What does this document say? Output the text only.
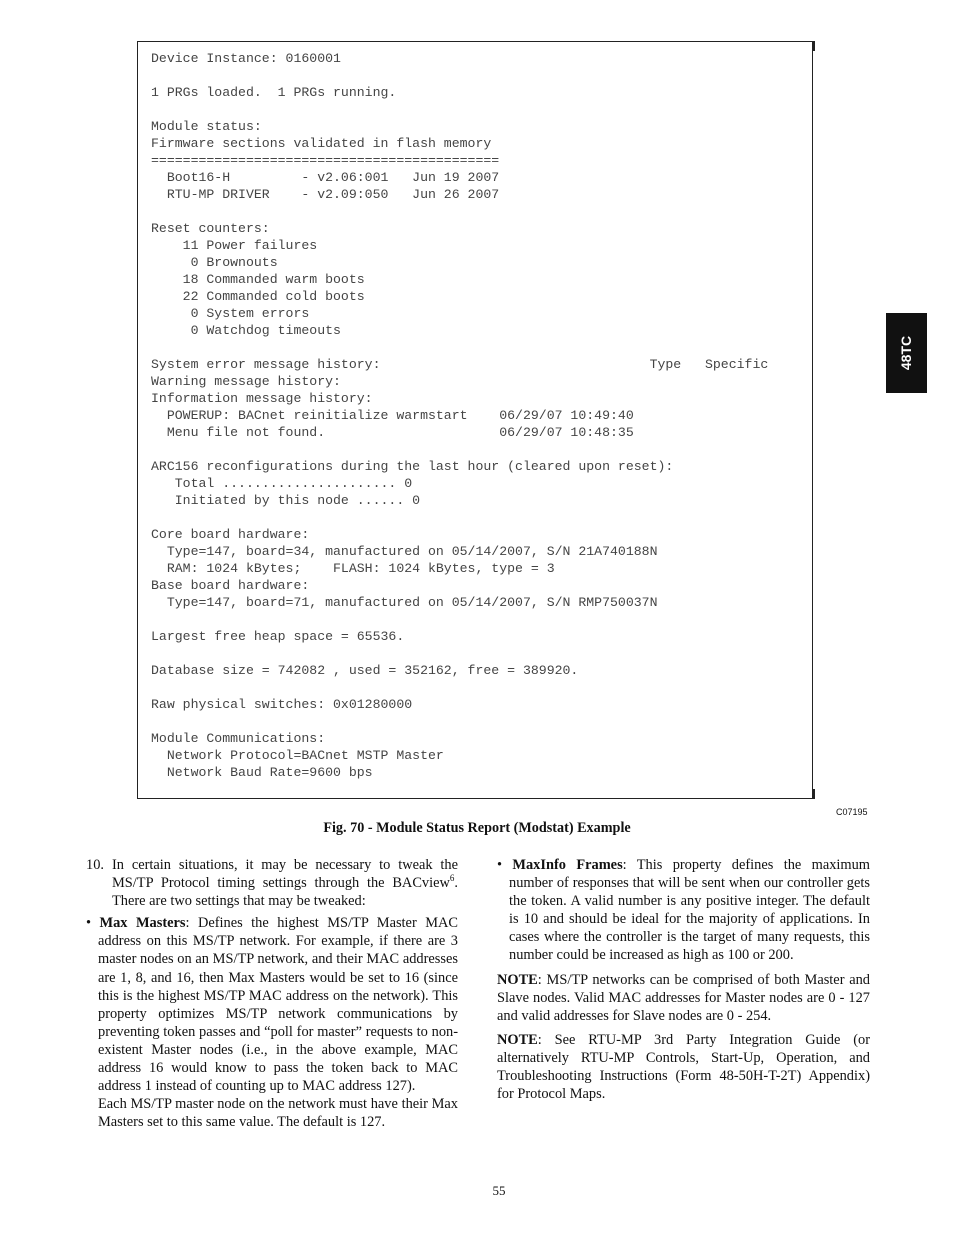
Device Instance: 0160001

1 PRGs loaded.  1 PRGs running.

Module status:
Firmware sections validated in flash memory
============================================
Boot16-H         - v2.06:001   Jun 19 2007
RTU-MP DRIVER    - v2.09:050   Jun 26 2007

Reset counters:
11 Power failures
0 Brownouts
18 Commanded warm boots
22 Commanded cold boots
0 System errors
0 Watchdog timeouts

System error message history:                                  Type   Specific
Warning message history:
Information message history:
POWERUP: BACnet reinitialize warmstart    06/29/07 10:49:40
Menu file not found.                      06/29/07 10:48:35

ARC156 reconfigurations during the last hour (cleared upon reset):
Total ...................... 0
Initiated by this node ...... 0

Core board hardware:
Type=147, board=34, manufactured on 05/14/2007, S/N 21A740188N
RAM: 1024 kBytes;    FLASH: 1024 kBytes, type = 3
Base board hardware:
Type=147, board=71, manufactured on 05/14/2007, S/N RMP750037N

Largest free heap space = 65536.

Database size = 742082 , used = 352162, free = 389920.

Raw physical switches: 0x01280000

Module Communications:
Network Protocol=BACnet MSTP Master
Network Baud Rate=9600 bps
C07195
Fig. 70 - Module Status Report (Modstat) Example
48TC

10. In certain situations, it may be necessary to tweak the MS/TP Protocol timing settings through the BACview$^6$. There are two settings that may be tweaked:

• Max Masters: Defines the highest MS/TP Master MAC address on this MS/TP network. For example, if there are 3 master nodes on an MS/TP network, and their MAC addresses are 1, 8, and 16, then Max Masters would be set to 16 (since this is the highest MS/TP MAC address on the network). This property optimizes MS/TP network communications by preventing token passes and “poll for master” requests to non-existent Master nodes (i.e., in the above example, MAC address 16 would know to pass the token back to MAC address 1 instead of counting up to MAC address 127).

Each MS/TP master node on the network must have their Max Masters set to this same value. The default is 127.

• MaxInfo Frames: This property defines the maximum number of responses that will be sent when our controller gets the token. A valid number is any positive integer. The default is 10 and should be ideal for the majority of applications. In cases where the controller is the target of many requests, this number could be increased as high as 100 or 200.

NOTE: MS/TP networks can be comprised of both Master and Slave nodes. Valid MAC addresses for Master nodes are 0 - 127 and valid addresses for Slave nodes are 0 - 254.

NOTE: See RTU-MP 3rd Party Integration Guide (or alternatively RTU-MP Controls, Start-Up, Operation, and Troubleshooting Instructions (Form 48-50H-T-2T) Appendix) for Protocol Maps.

55
